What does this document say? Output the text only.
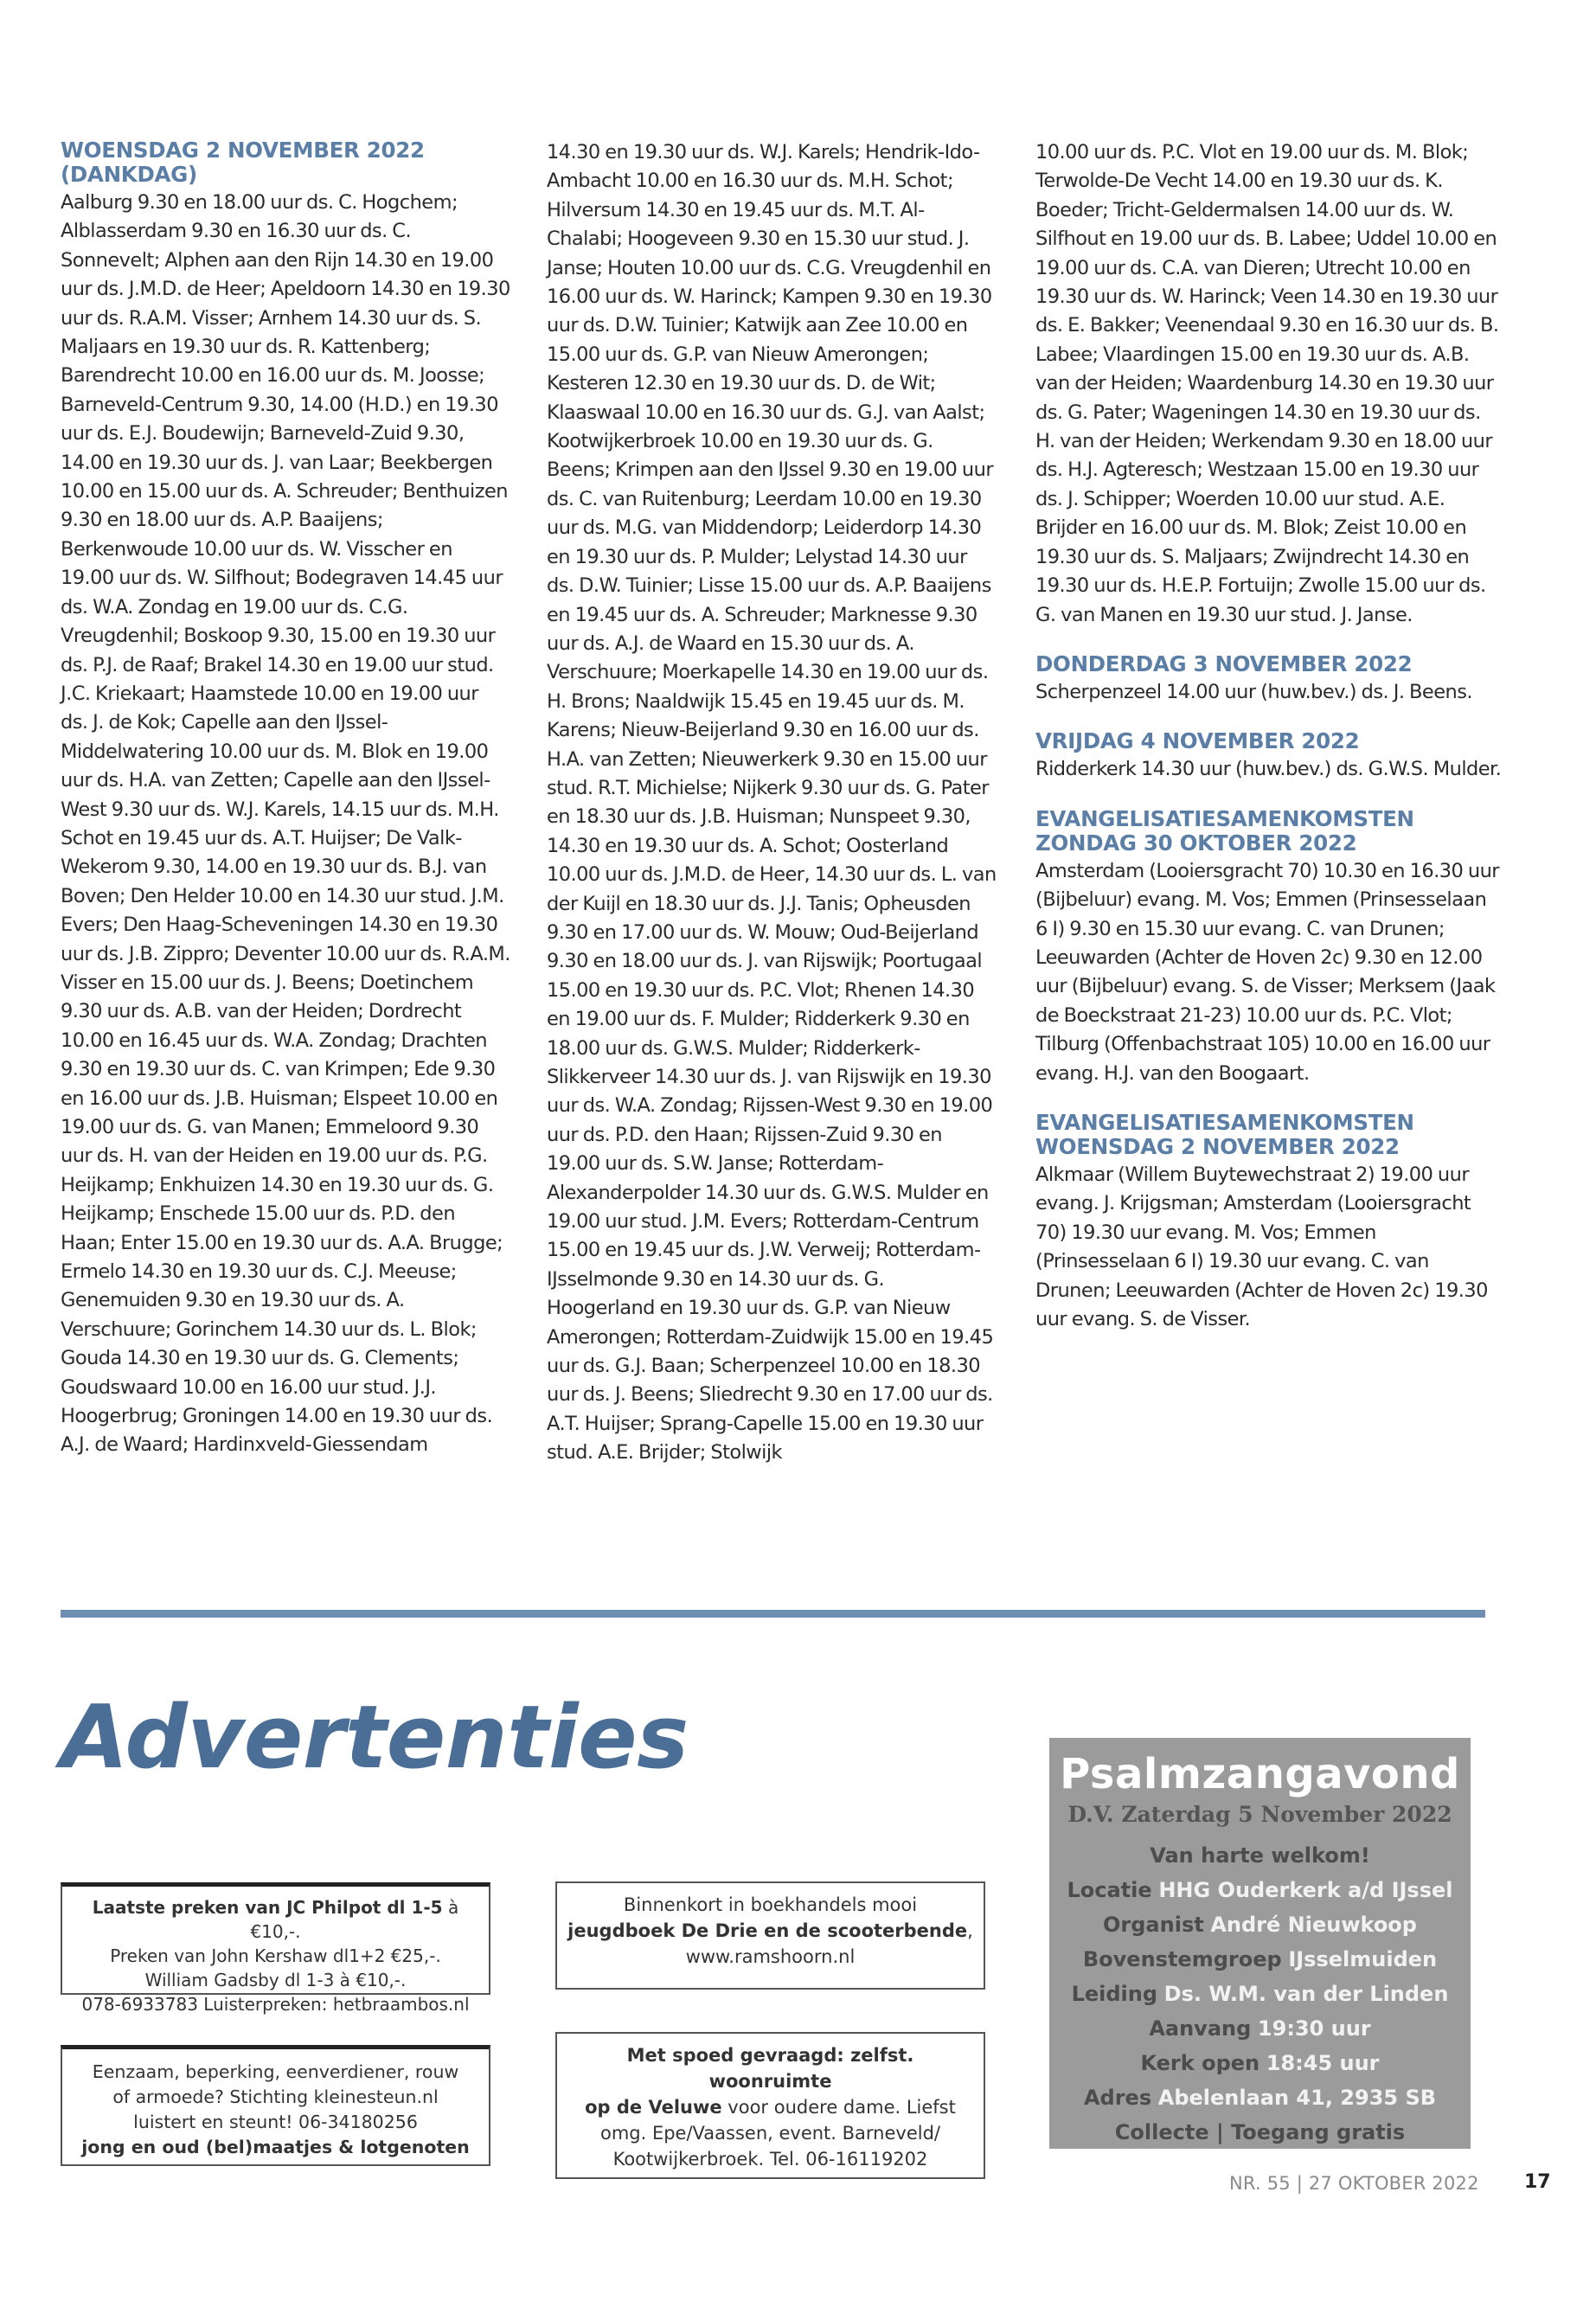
WOENSDAG 2 NOVEMBER 2022 (DANKDAG)

Aalburg 9.30 en 18.00 uur ds. C. Hogchem; Alblasserdam 9.30 en 16.30 uur ds. C. Sonnevelt; Alphen aan den Rijn 14.30 en 19.00 uur ds. J.M.D. de Heer; Apeldoorn 14.30 en 19.30 uur ds. R.A.M. Visser; Arnhem 14.30 uur ds. S. Maljaars en 19.30 uur ds. R. Kattenberg; Barendrecht 10.00 en 16.00 uur ds. M. Joosse; Barneveld-Centrum 9.30, 14.00 (H.D.) en 19.30 uur ds. E.J. Boudewijn; Barneveld-Zuid 9.30, 14.00 en 19.30 uur ds. J. van Laar; Beekbergen 10.00 en 15.00 uur ds. A. Schreuder; Benthuizen 9.30 en 18.00 uur ds. A.P. Baaijens; Berkenwoude 10.00 uur ds. W. Visscher en 19.00 uur ds. W. Silfhout; Bodegraven 14.45 uur ds. W.A. Zondag en 19.00 uur ds. C.G. Vreugdenhil; Boskoop 9.30, 15.00 en 19.30 uur ds. P.J. de Raaf; Brakel 14.30 en 19.00 uur stud. J.C. Kriekaart; Haamstede 10.00 en 19.00 uur ds. J. de Kok; Capelle aan den IJssel-Middelwatering 10.00 uur ds. M. Blok en 19.00 uur ds. H.A. van Zetten; Capelle aan den IJssel-West 9.30 uur ds. W.J. Karels, 14.15 uur ds. M.H. Schot en 19.45 uur ds. A.T. Huijser; De Valk-Wekerom 9.30, 14.00 en 19.30 uur ds. B.J. van Boven; Den Helder 10.00 en 14.30 uur stud. J.M. Evers; Den Haag-Scheveningen 14.30 en 19.30 uur ds. J.B. Zippro; Deventer 10.00 uur ds. R.A.M. Visser en 15.00 uur ds. J. Beens; Doetinchem 9.30 uur ds. A.B. van der Heiden; Dordrecht 10.00 en 16.45 uur ds. W.A. Zondag; Drachten 9.30 en 19.30 uur ds. C. van Krimpen; Ede 9.30 en 16.00 uur ds. J.B. Huisman; Elspeet 10.00 en 19.00 uur ds. G. van Manen; Emmeloord 9.30 uur ds. H. van der Heiden en 19.00 uur ds. P.G. Heijkamp; Enkhuizen 14.30 en 19.30 uur ds. G. Heijkamp; Enschede 15.00 uur ds. P.D. den Haan; Enter 15.00 en 19.30 uur ds. A.A. Brugge; Ermelo 14.30 en 19.30 uur ds. C.J. Meeuse; Genemuiden 9.30 en 19.30 uur ds. A. Verschuure; Gorinchem 14.30 uur ds. L. Blok; Gouda 14.30 en 19.30 uur ds. G. Clements; Goudswaard 10.00 en 16.00 uur stud. J.J. Hoogerbrug; Groningen 14.00 en 19.30 uur ds. A.J. de Waard; Hardinxveld-Giessendam

14.30 en 19.30 uur ds. W.J. Karels; Hendrik-Ido-Ambacht 10.00 en 16.30 uur ds. M.H. Schot; Hilversum 14.30 en 19.45 uur ds. M.T. Al-Chalabi; Hoogeveen 9.30 en 15.30 uur stud. J. Janse; Houten 10.00 uur ds. C.G. Vreugdenhil en 16.00 uur ds. W. Harinck; Kampen 9.30 en 19.30 uur ds. D.W. Tuinier; Katwijk aan Zee 10.00 en 15.00 uur ds. G.P. van Nieuw Amerongen; Kesteren 12.30 en 19.30 uur ds. D. de Wit; Klaaswaal 10.00 en 16.30 uur ds. G.J. van Aalst; Kootwijkerbroek 10.00 en 19.30 uur ds. G. Beens; Krimpen aan den IJssel 9.30 en 19.00 uur ds. C. van Ruitenburg; Leerdam 10.00 en 19.30 uur ds. M.G. van Middendorp; Leiderdorp 14.30 en 19.30 uur ds. P. Mulder; Lelystad 14.30 uur ds. D.W. Tuinier; Lisse 15.00 uur ds. A.P. Baaijens en 19.45 uur ds. A. Schreuder; Marknesse 9.30 uur ds. A.J. de Waard en 15.30 uur ds. A. Verschuure; Moerkapelle 14.30 en 19.00 uur ds. H. Brons; Naaldwijk 15.45 en 19.45 uur ds. M. Karens; Nieuw-Beijerland 9.30 en 16.00 uur ds. H.A. van Zetten; Nieuwerkerk 9.30 en 15.00 uur stud. R.T. Michielse; Nijkerk 9.30 uur ds. G. Pater en 18.30 uur ds. J.B. Huisman; Nunspeet 9.30, 14.30 en 19.30 uur ds. A. Schot; Oosterland 10.00 uur ds. J.M.D. de Heer, 14.30 uur ds. L. van der Kuijl en 18.30 uur ds. J.J. Tanis; Opheusden 9.30 en 17.00 uur ds. W. Mouw; Oud-Beijerland 9.30 en 18.00 uur ds. J. van Rijswijk; Poortugaal 15.00 en 19.30 uur ds. P.C. Vlot; Rhenen 14.30 en 19.00 uur ds. F. Mulder; Ridderkerk 9.30 en 18.00 uur ds. G.W.S. Mulder; Ridderkerk-Slikkerveer 14.30 uur ds. J. van Rijswijk en 19.30 uur ds. W.A. Zondag; Rijssen-West 9.30 en 19.00 uur ds. P.D. den Haan; Rijssen-Zuid 9.30 en 19.00 uur ds. S.W. Janse; Rotterdam-Alexanderpolder 14.30 uur ds. G.W.S. Mulder en 19.00 uur stud. J.M. Evers; Rotterdam-Centrum 15.00 en 19.45 uur ds. J.W. Verweij; Rotterdam-IJsselmonde 9.30 en 14.30 uur ds. G. Hoogerland en 19.30 uur ds. G.P. van Nieuw Amerongen; Rotterdam-Zuidwijk 15.00 en 19.45 uur ds. G.J. Baan; Scherpenzeel 10.00 en 18.30 uur ds. J. Beens; Sliedrecht 9.30 en 17.00 uur ds. A.T. Huijser; Sprang-Capelle 15.00 en 19.30 uur stud. A.E. Brijder; Stolwijk

10.00 uur ds. P.C. Vlot en 19.00 uur ds. M. Blok; Terwolde-De Vecht 14.00 en 19.30 uur ds. K. Boeder; Tricht-Geldermalsen 14.00 uur ds. W. Silfhout en 19.00 uur ds. B. Labee; Uddel 10.00 en 19.00 uur ds. C.A. van Dieren; Utrecht 10.00 en 19.30 uur ds. W. Harinck; Veen 14.30 en 19.30 uur ds. E. Bakker; Veenendaal 9.30 en 16.30 uur ds. B. Labee; Vlaardingen 15.00 en 19.30 uur ds. A.B. van der Heiden; Waardenburg 14.30 en 19.30 uur ds. G. Pater; Wageningen 14.30 en 19.30 uur ds. H. van der Heiden; Werkendam 9.30 en 18.00 uur ds. H.J. Agteresch; Westzaan 15.00 en 19.30 uur ds. J. Schipper; Woerden 10.00 uur stud. A.E. Brijder en 16.00 uur ds. M. Blok; Zeist 10.00 en 19.30 uur ds. S. Maljaars; Zwijndrecht 14.30 en 19.30 uur ds. H.E.P. Fortuijn; Zwolle 15.00 uur ds. G. van Manen en 19.30 uur stud. J. Janse.

DONDERDAG 3 NOVEMBER 2022

Scherpenzeel 14.00 uur (huw.bev.) ds. J. Beens.

VRIJDAG 4 NOVEMBER 2022

Ridderkerk 14.30 uur (huw.bev.) ds. G.W.S. Mulder.

EVANGELISATIESAMENKOMSTEN ZONDAG 30 OKTOBER 2022

Amsterdam (Looiersgracht 70) 10.30 en 16.30 uur (Bijbeluur) evang. M. Vos; Emmen (Prinsesselaan 6 I) 9.30 en 15.30 uur evang. C. van Drunen; Leeuwarden (Achter de Hoven 2c) 9.30 en 12.00 uur (Bijbeluur) evang. S. de Visser; Merksem (Jaak de Boeckstraat 21-23) 10.00 uur ds. P.C. Vlot; Tilburg (Offenbachstraat 105) 10.00 en 16.00 uur evang. H.J. van den Boogaart.

EVANGELISATIESAMENKOMSTEN WOENSDAG 2 NOVEMBER 2022

Alkmaar (Willem Buytewechstraat 2) 19.00 uur evang. J. Krijgsman; Amsterdam (Looiersgracht 70) 19.30 uur evang. M. Vos; Emmen (Prinsesselaan 6 I) 19.30 uur evang. C. van Drunen; Leeuwarden (Achter de Hoven 2c) 19.30 uur evang. S. de Visser.

Advertenties
Laatste preken van JC Philpot dl 1-5 à €10,-.
Preken van John Kershaw dl1+2 €25,-.
William Gadsby dl 1-3 à €10,-.
078-6933783 Luisterpreken: hetbraambos.nl
Eenzaam, beperking, eenverdiener, rouw
of armoede? Stichting kleinesteun.nl
luistert en steunt! 06-34180256
jong en oud (bel)maatjes & lotgenoten
Binnenkort in boekhandels mooi
jeugdboek De Drie en de scooterbende,
www.ramshoorn.nl
Met spoed gevraagd: zelfst. woonruimte
op de Veluwe voor oudere dame. Liefst
omg. Epe/Vaassen, event. Barneveld/
Kootwijkerbroek. Tel. 06-16119202
Psalmzangavond
D.V. Zaterdag 5 November 2022
Van harte welkom!
Locatie HHG Ouderkerk a/d IJssel
Organist André Nieuwkoop
Bovenstemgroep IJsselmuiden
Leiding Ds. W.M. van der Linden
Aanvang 19:30 uur
Kerk open 18:45 uur
Adres Abelenlaan 41, 2935 SB
Collecte | Toegang gratis
NR. 55 | 27 OKTOBER 2022 17
